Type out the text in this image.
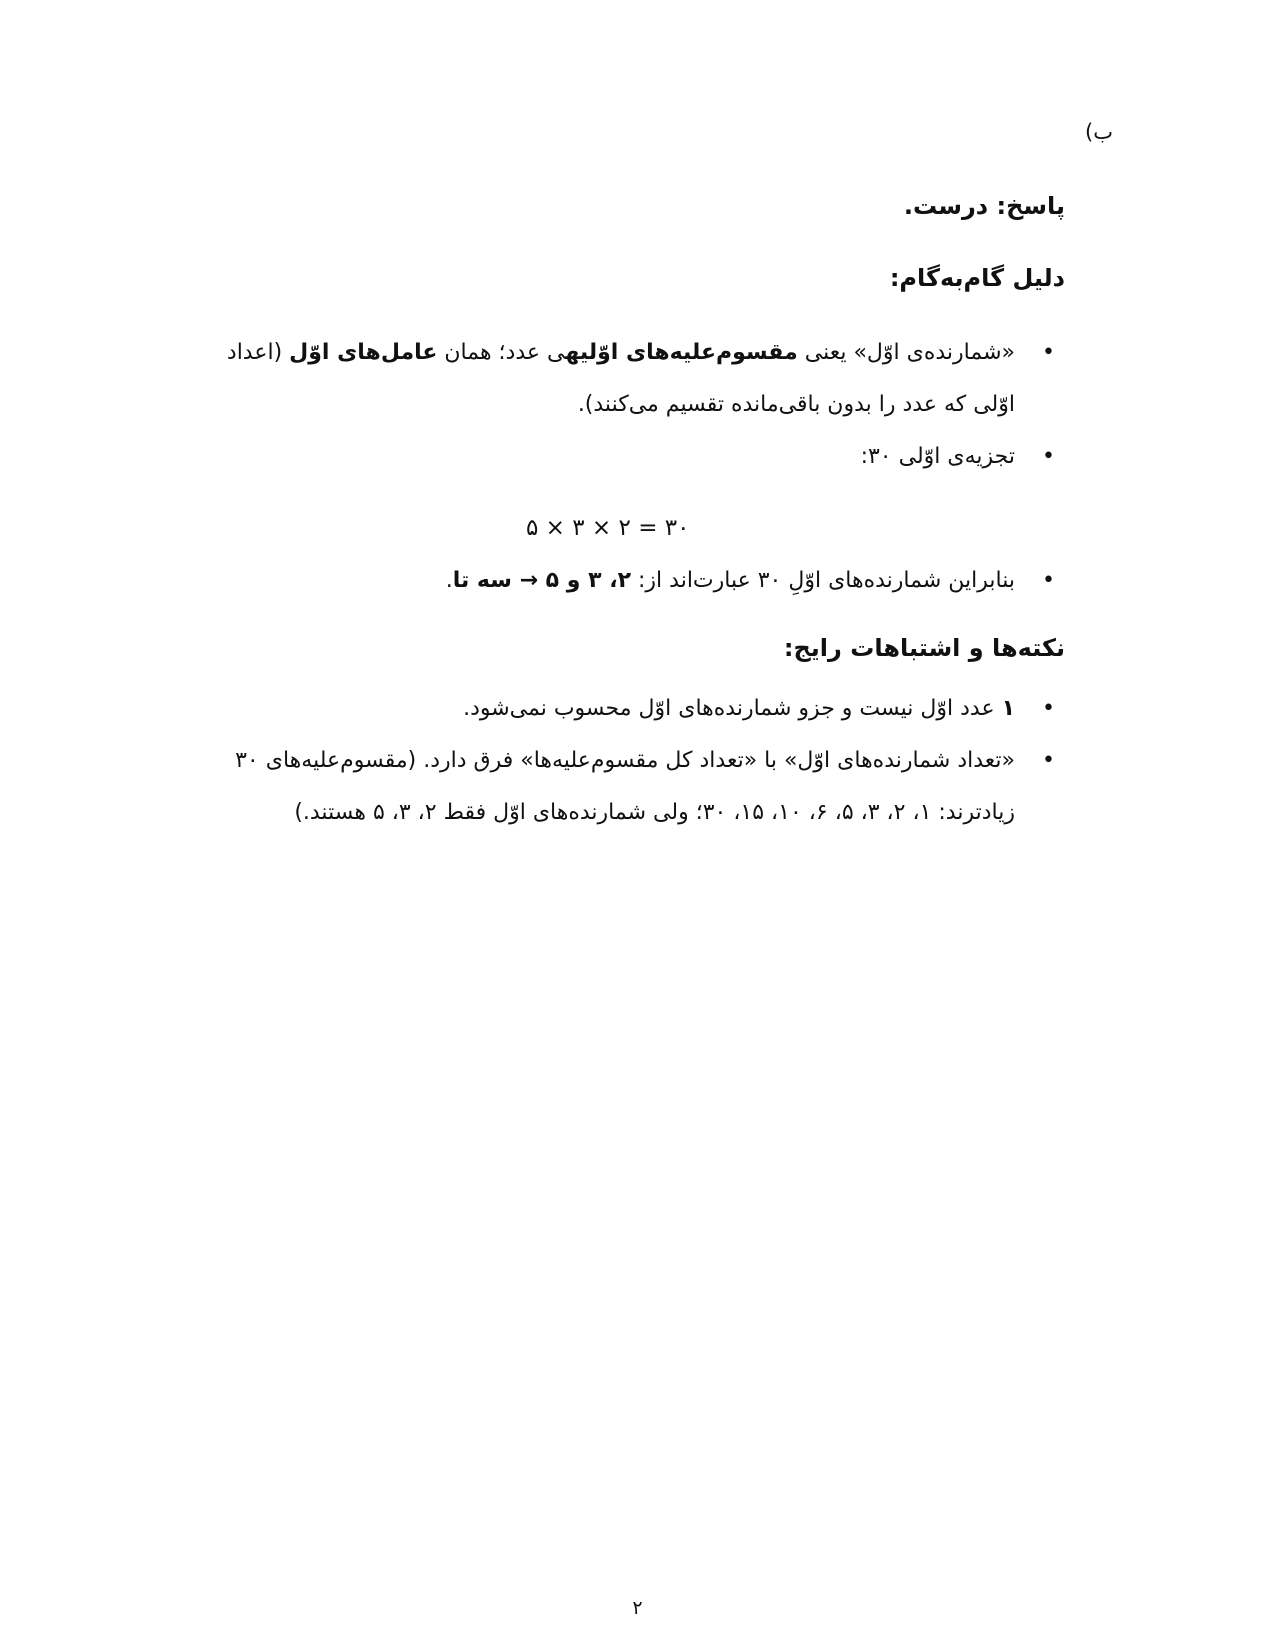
ب)
پاسخ: درست.
دلیل گام‌به‌گام:
•
«شمارنده‌ی اوّل» یعنی مقسوم‌علیه‌های اوّلیهی عدد؛ همان عامل‌های اوّل (اعداد اوّلی که عدد را بدون باقی‌مانده تقسیم می‌کنند).
•
تجزیه‌ی اوّلی ۳۰:
۳۰ = ۲ × ۳ × ۵
•
بنابراین شمارنده‌های اوّلِ ۳۰ عبارت‌اند از: ۲، ۳ و ۵ → سه تا.
نکته‌ها و اشتباهات رایج:
•
۱ عدد اوّل نیست و جزو شمارنده‌های اوّل محسوب نمی‌شود.
•
«تعداد شمارنده‌های اوّل» با «تعداد کل مقسوم‌علیه‌ها» فرق دارد. (مقسوم‌علیه‌های ۳۰ زیادترند: ۱، ۲، ۳، ۵، ۶، ۱۰، ۱۵، ۳۰؛ ولی شمارنده‌های اوّل فقط ۲، ۳، ۵ هستند.)
۲
